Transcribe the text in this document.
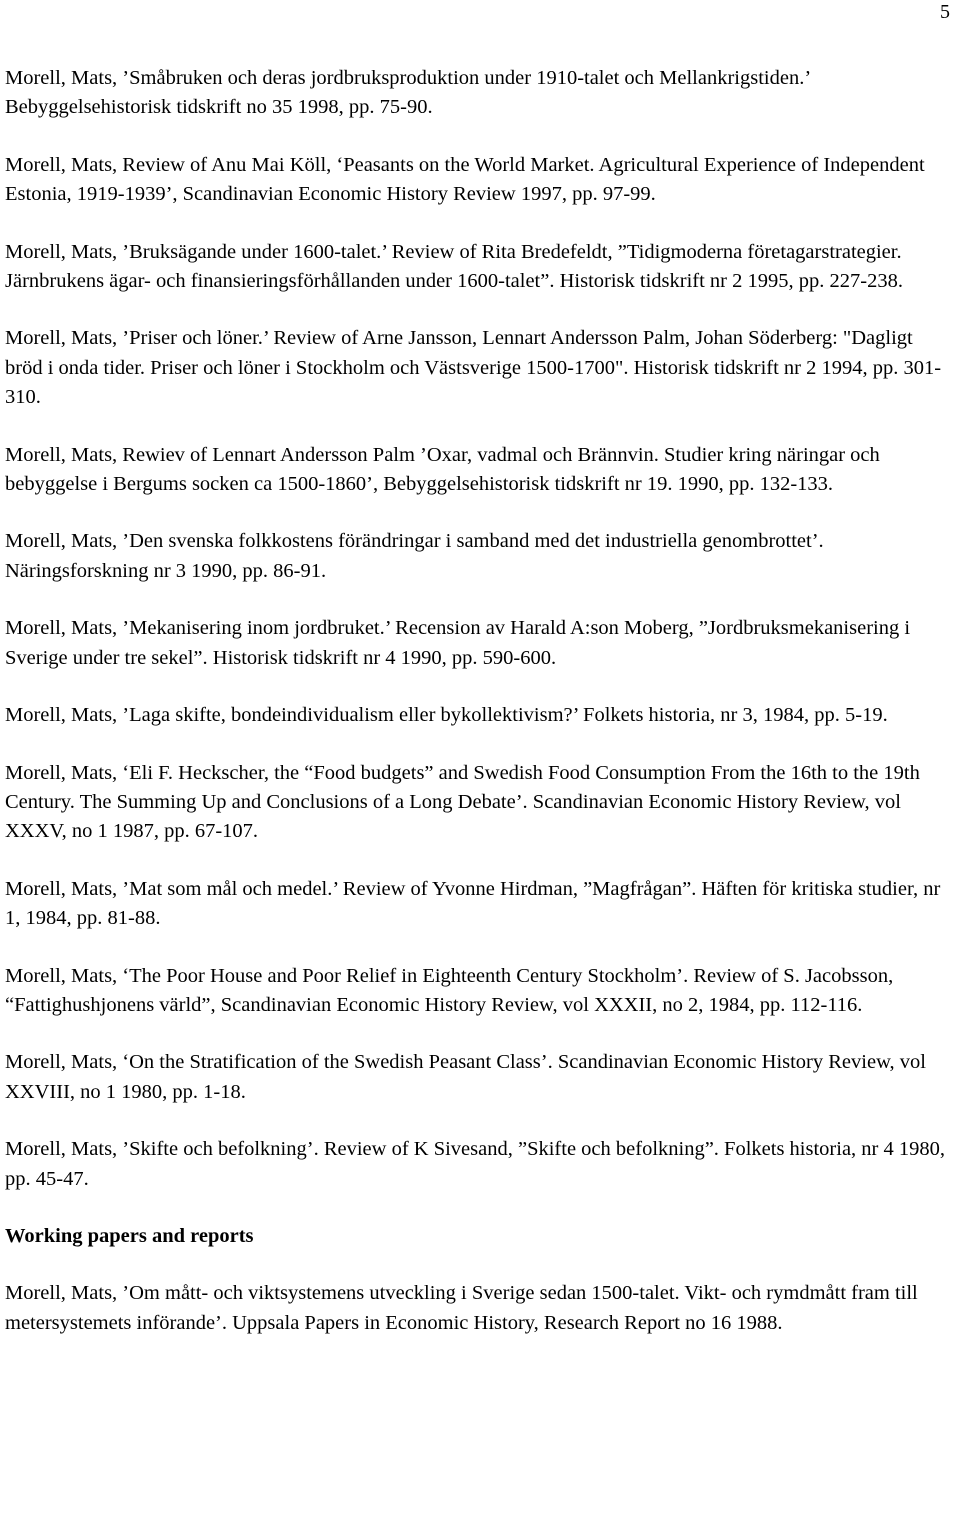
5

Morell, Mats, ’Småbruken och deras jordbruksproduktion under 1910-talet och Mellankrigstiden.’ Bebyggelsehistorisk tidskrift no 35 1998, pp. 75-90.

Morell, Mats, Review of Anu Mai Köll, ‘Peasants on the World Market. Agricultural Experience of Independent Estonia, 1919-1939’, Scandinavian Economic History Review 1997, pp. 97-99.

Morell, Mats, ’Bruksägande under 1600-talet.’ Review of Rita Bredefeldt, ”Tidigmoderna företagarstrategier. Järnbrukens ägar- och finansieringsförhållanden under 1600-talet”. Historisk tidskrift nr 2 1995, pp. 227-238.

Morell, Mats, ’Priser och löner.’ Review of Arne Jansson, Lennart Andersson Palm, Johan Söderberg: "Dagligt bröd i onda tider. Priser och löner i Stockholm och Västsverige 1500-1700". Historisk tidskrift nr 2 1994, pp. 301-310.

Morell, Mats, Rewiev of Lennart Andersson Palm ’Oxar, vadmal och Brännvin. Studier kring näringar och bebyggelse i Bergums socken ca 1500-1860’, Bebyggelsehistorisk tidskrift nr 19. 1990, pp. 132-133.

Morell, Mats, ’Den svenska folkkostens förändringar i samband med det industriella genombrottet’. Näringsforskning nr 3 1990, pp. 86-91.

Morell, Mats, ’Mekanisering inom jordbruket.’ Recension av Harald A:son Moberg, ”Jordbruksmekanisering i Sverige under tre sekel”. Historisk tidskrift nr 4 1990, pp. 590-600.

Morell, Mats, ’Laga skifte, bondeindividualism eller bykollektivism?’ Folkets historia, nr 3, 1984, pp. 5-19.

Morell, Mats, ‘Eli F. Heckscher, the “Food budgets” and Swedish Food Consumption From the 16th to the 19th Century. The Summing Up and Conclusions of a Long Debate’. Scandinavian Economic History Review, vol XXXV, no 1 1987, pp. 67-107.

Morell, Mats, ’Mat som mål och medel.’ Review of Yvonne Hirdman, ”Magfrågan”. Häften för kritiska studier, nr 1, 1984, pp. 81-88.

Morell, Mats, ‘The Poor House and Poor Relief in Eighteenth Century Stockholm’. Review of S. Jacobsson, “Fattighushjonens värld”, Scandinavian Economic History Review, vol XXXII, no 2, 1984, pp. 112-116.

Morell, Mats, ‘On the Stratification of the Swedish Peasant Class’. Scandinavian Economic History Review, vol XXVIII, no 1 1980, pp. 1-18.

Morell, Mats, ’Skifte och befolkning’. Review of K Sivesand, ”Skifte och befolkning”. Folkets historia, nr 4 1980, pp. 45-47.

Working papers and reports

Morell, Mats, ’Om mått- och viktsystemens utveckling i Sverige sedan 1500-talet. Vikt- och rymdmått fram till metersystemets införande’. Uppsala Papers in Economic History, Research Report no 16 1988.
